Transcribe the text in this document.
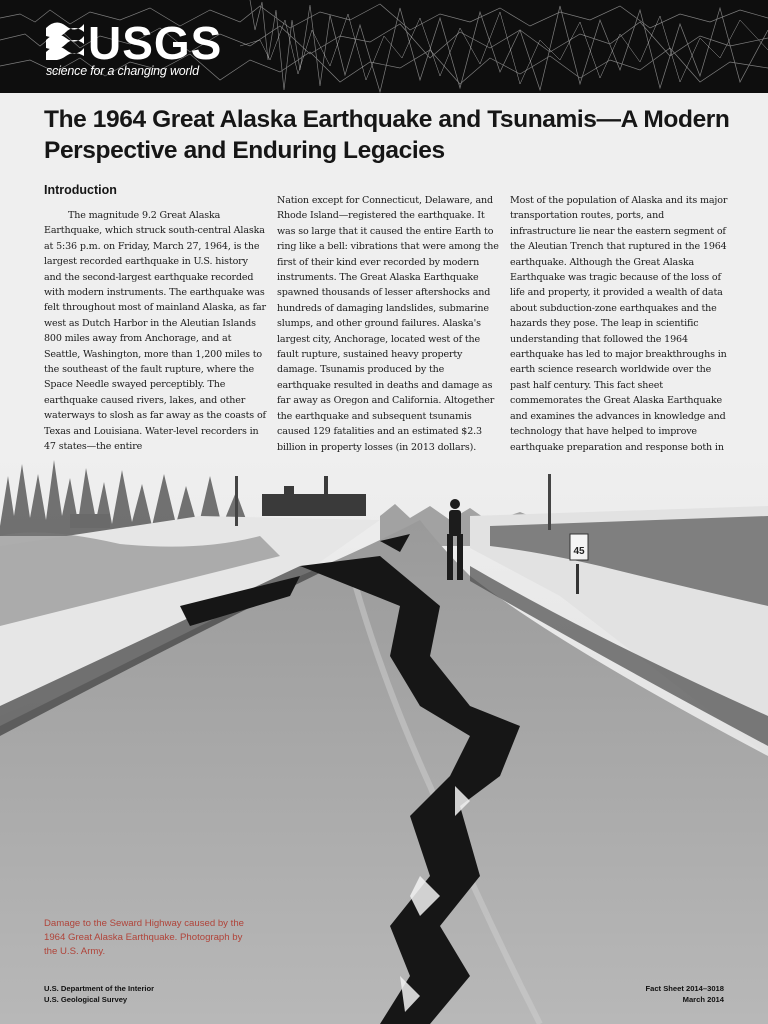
USGS
science for a changing world
The 1964 Great Alaska Earthquake and Tsunamis—A Modern Perspective and Enduring Legacies
Introduction

The magnitude 9.2 Great Alaska Earthquake, which struck south-central Alaska at 5:36 p.m. on Friday, March 27, 1964, is the largest recorded earthquake in U.S. history and the second-largest earthquake recorded with modern instruments. The earthquake was felt throughout most of mainland Alaska, as far west as Dutch Harbor in the Aleutian Islands 800 miles away from Anchorage, and at Seattle, Washington, more than 1,200 miles to the southeast of the fault rupture, where the Space Needle swayed perceptibly. The earthquake caused rivers, lakes, and other waterways to slosh as far away as the coasts of Texas and Louisiana. Water-level recorders in 47 states—the entire

Nation except for Connecticut, Delaware, and Rhode Island—registered the earthquake. It was so large that it caused the entire Earth to ring like a bell: vibrations that were among the first of their kind ever recorded by modern instruments. The Great Alaska Earthquake spawned thousands of lesser aftershocks and hundreds of damaging landslides, submarine slumps, and other ground failures. Alaska's largest city, Anchorage, located west of the fault rupture, sustained heavy property damage. Tsunamis produced by the earthquake resulted in deaths and damage as far away as Oregon and California. Altogether the earthquake and subsequent tsunamis caused 129 fatalities and an estimated $2.3 billion in property losses (in 2013 dollars).

Most of the population of Alaska and its major transportation routes, ports, and infrastructure lie near the eastern segment of the Aleutian Trench that ruptured in the 1964 earthquake. Although the Great Alaska Earthquake was tragic because of the loss of life and property, it provided a wealth of data about subduction-zone earthquakes and the hazards they pose. The leap in scientific understanding that followed the 1964 earthquake has led to major breakthroughs in earth science research worldwide over the past half century. This fact sheet commemorates the Great Alaska Earthquake and examines the advances in knowledge and technology that have helped to improve earthquake preparation and response both in

45

Damage to the Seward Highway caused by the 1964 Great Alaska Earthquake. Photograph by the U.S. Army.

U.S. Department of the Interior
U.S. Geological Survey
Fact Sheet 2014–3018
March 2014
